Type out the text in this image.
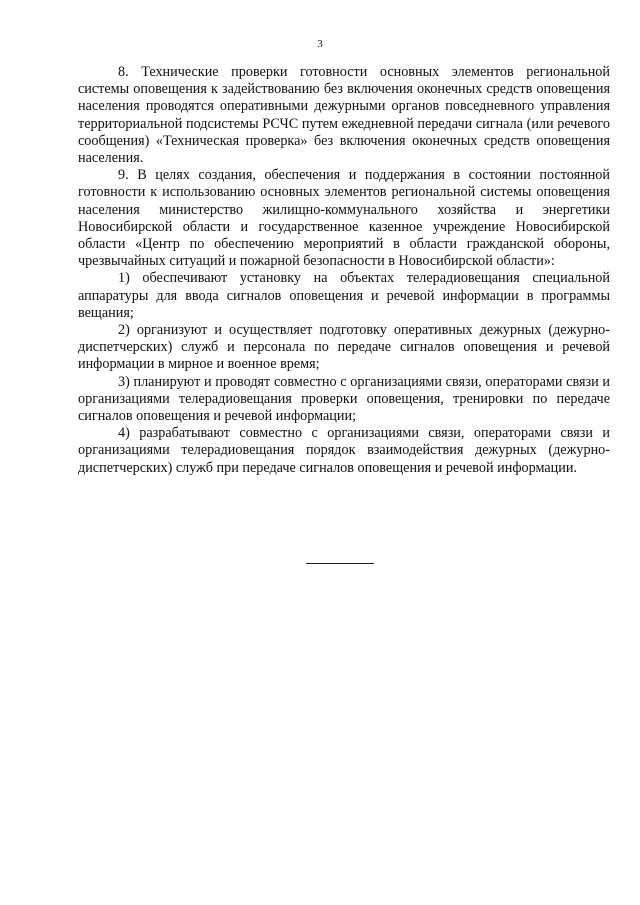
3

8. Технические проверки готовности основных элементов региональной системы оповещения к задействованию без включения оконечных средств оповещения населения проводятся оперативными дежурными органов повседневного управления территориальной подсистемы РСЧС путем ежедневной передачи сигнала (или речевого сообщения) «Техническая проверка» без включения оконечных средств оповещения населения.

9. В целях создания, обеспечения и поддержания в состоянии постоянной готовности к использованию основных элементов региональной системы оповещения населения министерство жилищно-коммунального хозяйства и энергетики Новосибирской области и государственное казенное учреждение Новосибирской области «Центр по обеспечению мероприятий в области гражданской обороны, чрезвычайных ситуаций и пожарной безопасности в Новосибирской области»:

1) обеспечивают установку на объектах телерадиовещания специальной аппаратуры для ввода сигналов оповещения и речевой информации в программы вещания;

2) организуют и осуществляет подготовку оперативных дежурных (дежурно-диспетчерских) служб и персонала по передаче сигналов оповещения и речевой информации в мирное и военное время;

3) планируют и проводят совместно с организациями связи, операторами связи и организациями телерадиовещания проверки оповещения, тренировки по передаче сигналов оповещения и речевой информации;

4) разрабатывают совместно с организациями связи, операторами связи и организациями телерадиовещания порядок взаимодействия дежурных (дежурно-диспетчерских) служб при передаче сигналов оповещения и речевой информации.
